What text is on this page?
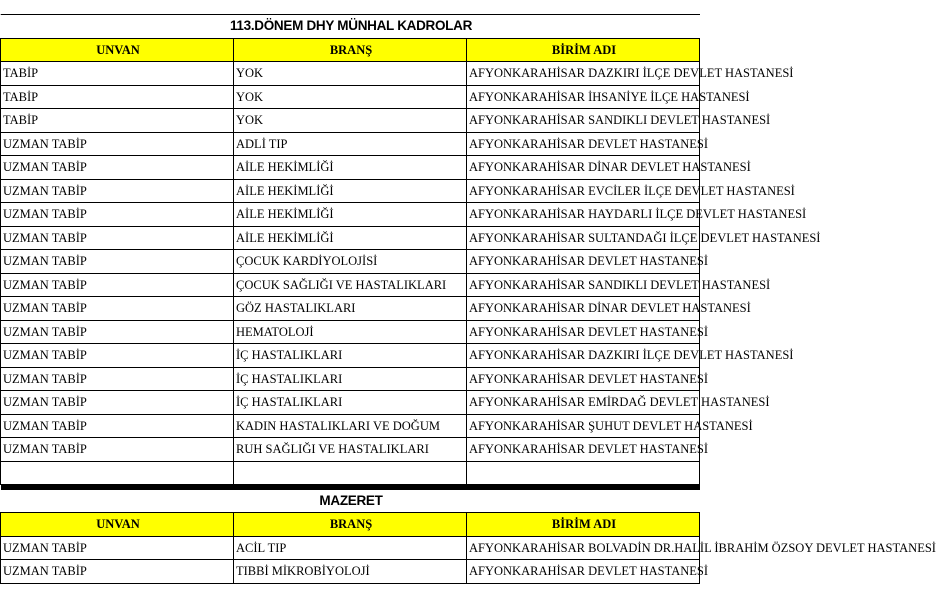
113.DÖNEM DHY MÜNHAL KADROLAR		
UNVAN	BRANŞ	BİRİM ADI
TABİP	YOK	AFYONKARAHİSAR DAZKIRI İLÇE DEVLET HASTANESİ
TABİP	YOK	AFYONKARAHİSAR İHSANİYE İLÇE HASTANESİ
TABİP	YOK	AFYONKARAHİSAR SANDIKLI DEVLET HASTANESİ
UZMAN TABİP	ADLİ TIP	AFYONKARAHİSAR DEVLET HASTANESİ
UZMAN TABİP	AİLE HEKİMLİĞİ	AFYONKARAHİSAR DİNAR DEVLET HASTANESİ
UZMAN TABİP	AİLE HEKİMLİĞİ	AFYONKARAHİSAR EVCİLER İLÇE DEVLET HASTANESİ
UZMAN TABİP	AİLE HEKİMLİĞİ	AFYONKARAHİSAR HAYDARLI İLÇE DEVLET HASTANESİ
UZMAN TABİP	AİLE HEKİMLİĞİ	AFYONKARAHİSAR SULTANDAĞI İLÇE DEVLET HASTANESİ
UZMAN TABİP	ÇOCUK KARDİYOLOJİSİ	AFYONKARAHİSAR DEVLET HASTANESİ
UZMAN TABİP	ÇOCUK SAĞLIĞI VE HASTALIKLARI	AFYONKARAHİSAR SANDIKLI DEVLET HASTANESİ
UZMAN TABİP	GÖZ HASTALIKLARI	AFYONKARAHİSAR DİNAR DEVLET HASTANESİ
UZMAN TABİP	HEMATOLOJİ	AFYONKARAHİSAR DEVLET HASTANESİ
UZMAN TABİP	İÇ HASTALIKLARI	AFYONKARAHİSAR DAZKIRI İLÇE DEVLET HASTANESİ
UZMAN TABİP	İÇ HASTALIKLARI	AFYONKARAHİSAR DEVLET HASTANESİ
UZMAN TABİP	İÇ HASTALIKLARI	AFYONKARAHİSAR EMİRDAĞ DEVLET HASTANESİ
UZMAN TABİP	KADIN HASTALIKLARI VE DOĞUM	AFYONKARAHİSAR ŞUHUT DEVLET HASTANESİ
UZMAN TABİP	RUH SAĞLIĞI VE HASTALIKLARI	AFYONKARAHİSAR DEVLET HASTANESİ

MAZERET		
UNVAN	BRANŞ	BİRİM ADI
UZMAN TABİP	ACİL TIP	AFYONKARAHİSAR BOLVADİN DR.HALİL İBRAHİM ÖZSOY DEVLET HASTANESİ
UZMAN TABİP	TIBBİ MİKROBİYOLOJİ	AFYONKARAHİSAR DEVLET HASTANESİ
